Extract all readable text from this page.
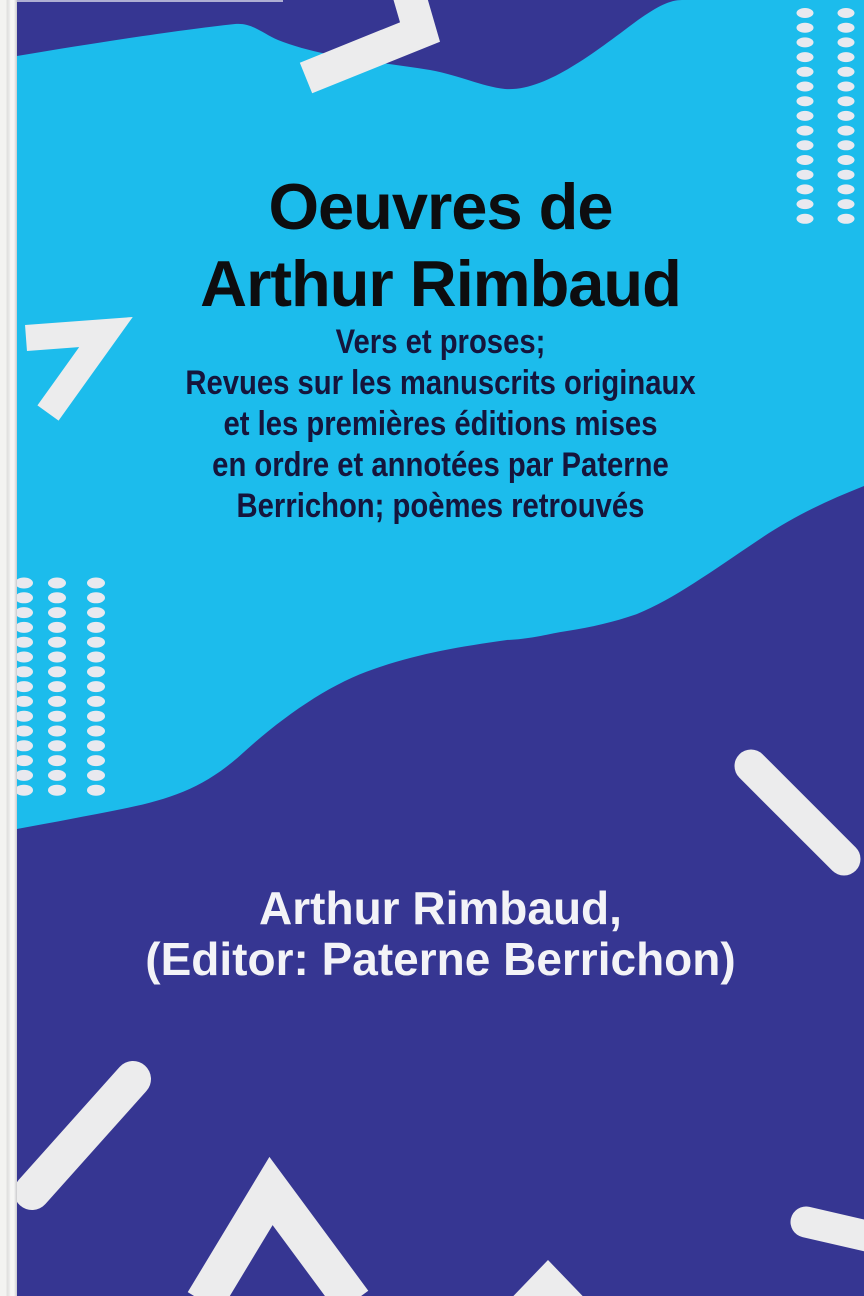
Oeuvres de
Arthur Rimbaud
Vers et proses;
Revues sur les manuscrits originaux
et les premières éditions mises
en ordre et annotées par Paterne
Berrichon; poèmes retrouvés
Arthur Rimbaud,
(Editor: Paterne Berrichon)
